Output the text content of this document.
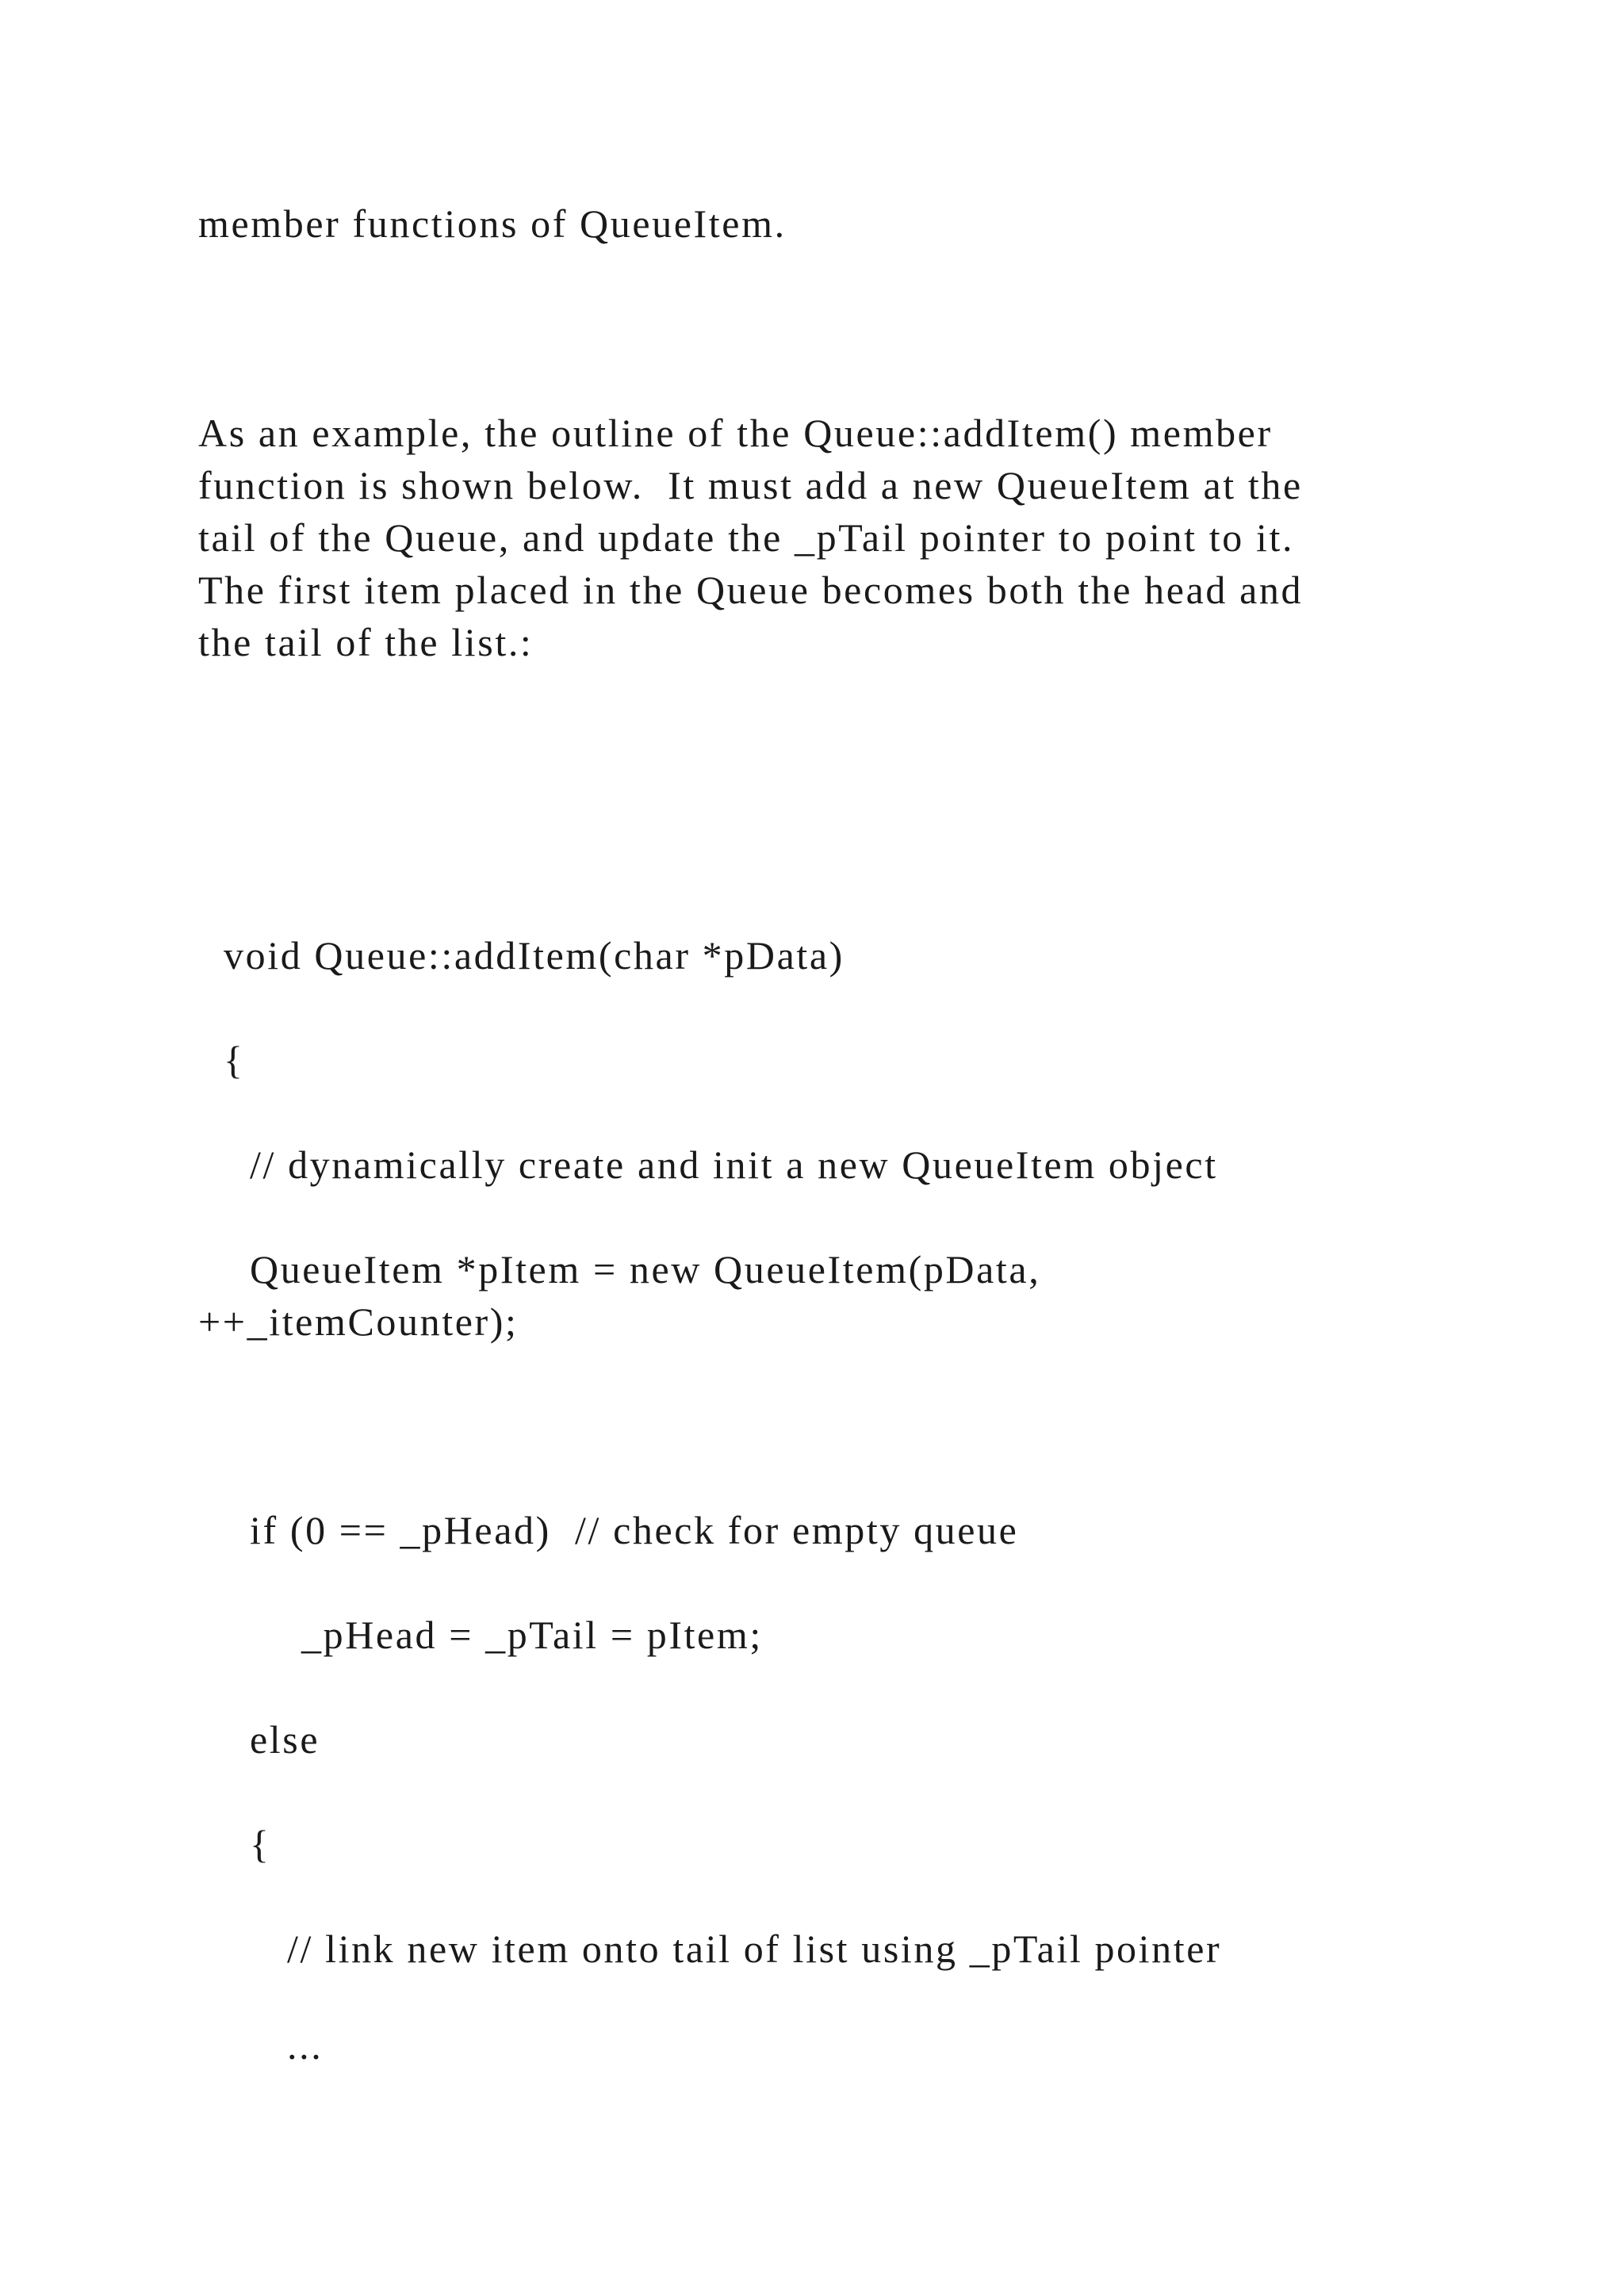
member functions of QueueItem.
As an example, the outline of the Queue::addItem() member
function is shown below.  It must add a new QueueItem at the
tail of the Queue, and update the _pTail pointer to point to it.
The first item placed in the Queue becomes both the head and
the tail of the list.:
void Queue::addItem(char *pData)
{
// dynamically create and init a new QueueItem object
QueueItem *pItem = new QueueItem(pData,
++_itemCounter);
if (0 == _pHead)  // check for empty queue
_pHead = _pTail = pItem;
else
{
// link new item onto tail of list using _pTail pointer
...
